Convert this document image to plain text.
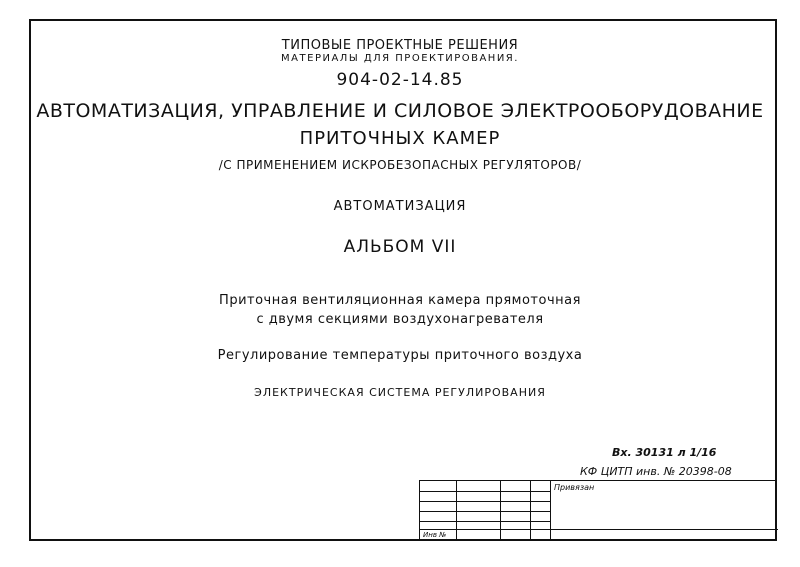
ТИПОВЫЕ ПРОЕКТНЫЕ РЕШЕНИЯ
МАТЕРИАЛЫ ДЛЯ ПРОЕКТИРОВАНИЯ.
904-02-14.85
АВТОМАТИЗАЦИЯ, УПРАВЛЕНИЕ И СИЛОВОЕ ЭЛЕКТРООБОРУДОВАНИЕ
ПРИТОЧНЫХ КАМЕР
/С ПРИМЕНЕНИЕМ ИСКРОБЕЗОПАСНЫХ РЕГУЛЯТОРОВ/
АВТОМАТИЗАЦИЯ
АЛЬБОМ VII
Приточная вентиляционная камера прямоточная
с двумя секциями воздухонагревателя
Регулирование температуры приточного воздуха
ЭЛЕКТРИЧЕСКАЯ СИСТЕМА РЕГУЛИРОВАНИЯ
Вх. 30131 л 1/16
КФ ЦИТП инв. № 20398-08
Привязан
Инв №
